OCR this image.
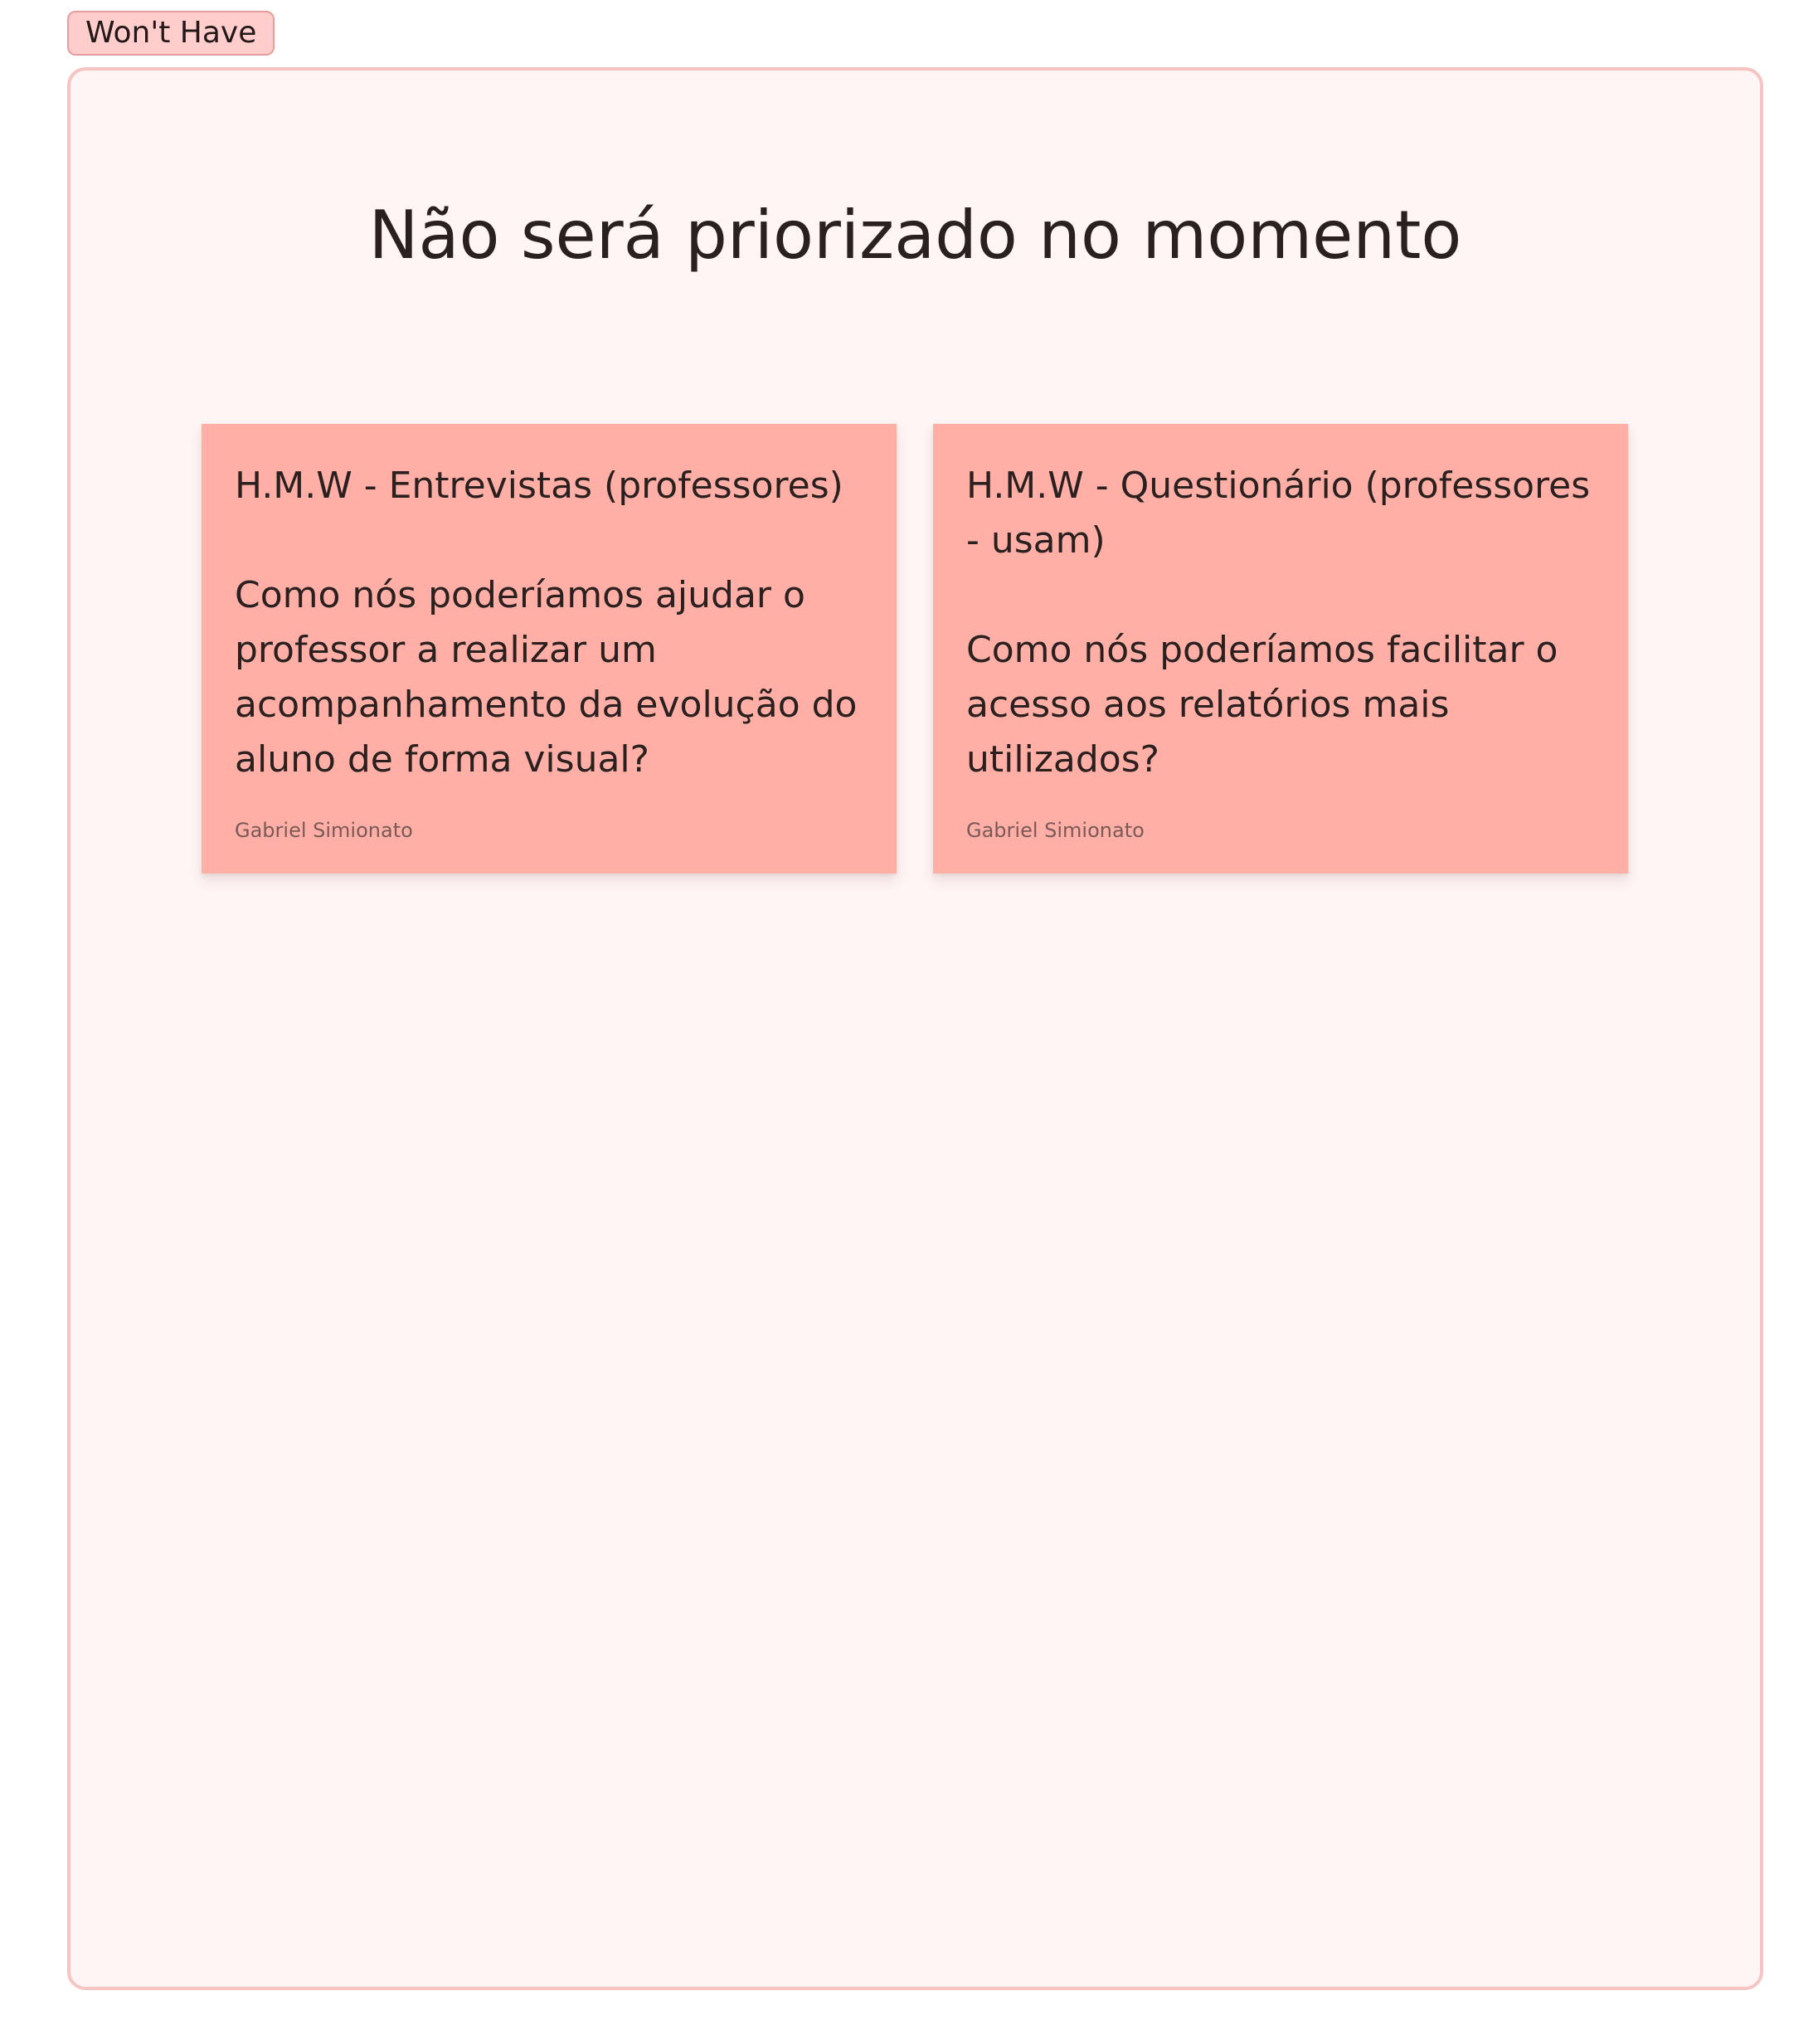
Won't Have
Não será priorizado no momento

H.M.W - Entrevistas (professores)

Como nós poderíamos ajudar o professor a realizar um acompanhamento da evolução do aluno de forma visual?

Gabriel Simionato

H.M.W - Questionário (professores - usam)

Como nós poderíamos facilitar o acesso aos relatórios mais utilizados?

Gabriel Simionato
